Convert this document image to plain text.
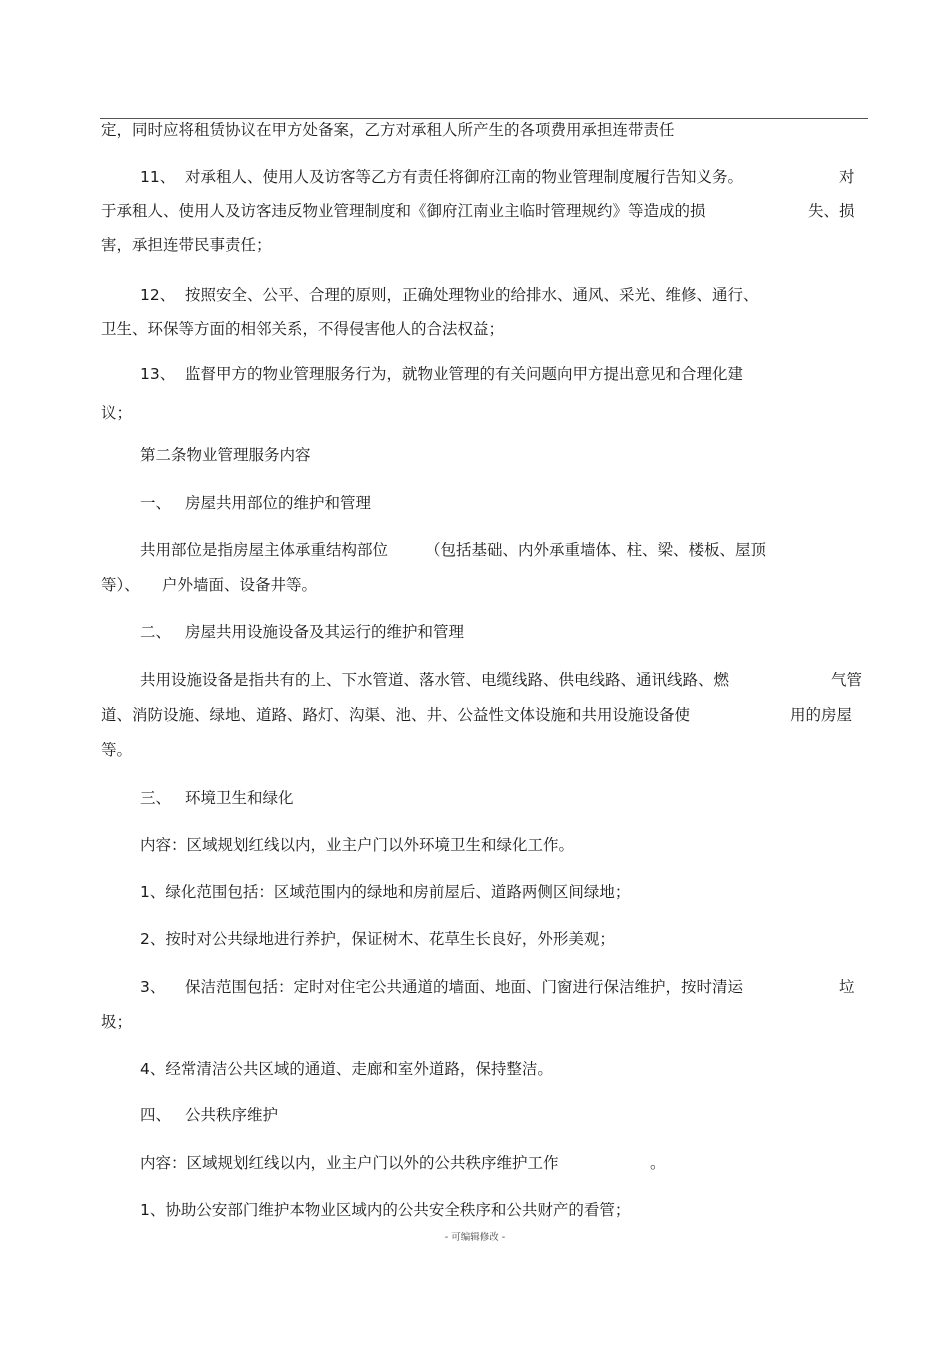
定，同时应将租赁协议在甲方处备案，乙方对承租人所产生的各项费用承担连带责任
11、 对承租人、使用人及访客等乙方有责任将御府江南的物业管理制度履行告知义务。	对
于承租人、使用人及访客违反物业管理制度和《御府江南业主临时管理规约》等造成的损	失、损
害，承担连带民事责任；
12、 按照安全、公平、合理的原则，正确处理物业的给排水、通风、采光、维修、通行、
卫生、环保等方面的相邻关系，不得侵害他人的合法权益；
13、 监督甲方的物业管理服务行为，就物业管理的有关问题向甲方提出意见和合理化建
议；
第二条物业管理服务内容
一、 房屋共用部位的维护和管理
共用部位是指房屋主体承重结构部位 （包括基础、内外承重墙体、柱、梁、楼板、屋顶
等）、 户外墙面、设备井等。
二、 房屋共用设施设备及其运行的维护和管理
共用设施设备是指共有的上、下水管道、落水管、电缆线路、供电线路、通讯线路、燃	气管
道、消防设施、绿地、道路、路灯、沟渠、池、井、公益性文体设施和共用设施设备使	用的房屋
等。
三、 环境卫生和绿化
内容：区域规划红线以内，业主户门以外环境卫生和绿化工作。
1、绿化范围包括：区域范围内的绿地和房前屋后、道路两侧区间绿地；
2、按时对公共绿地进行养护，保证树木、花草生长良好，外形美观；
3、 保洁范围包括：定时对住宅公共通道的墙面、地面、门窗进行保洁维护，按时清运	垃
圾；
4、经常清洁公共区域的通道、走廊和室外道路，保持整洁。
四、 公共秩序维护
内容：区域规划红线以内，业主户门以外的公共秩序维护工作	。
1、协助公安部门维护本物业区域内的公共安全秩序和公共财产的看管；
- 可编辑修改 -
